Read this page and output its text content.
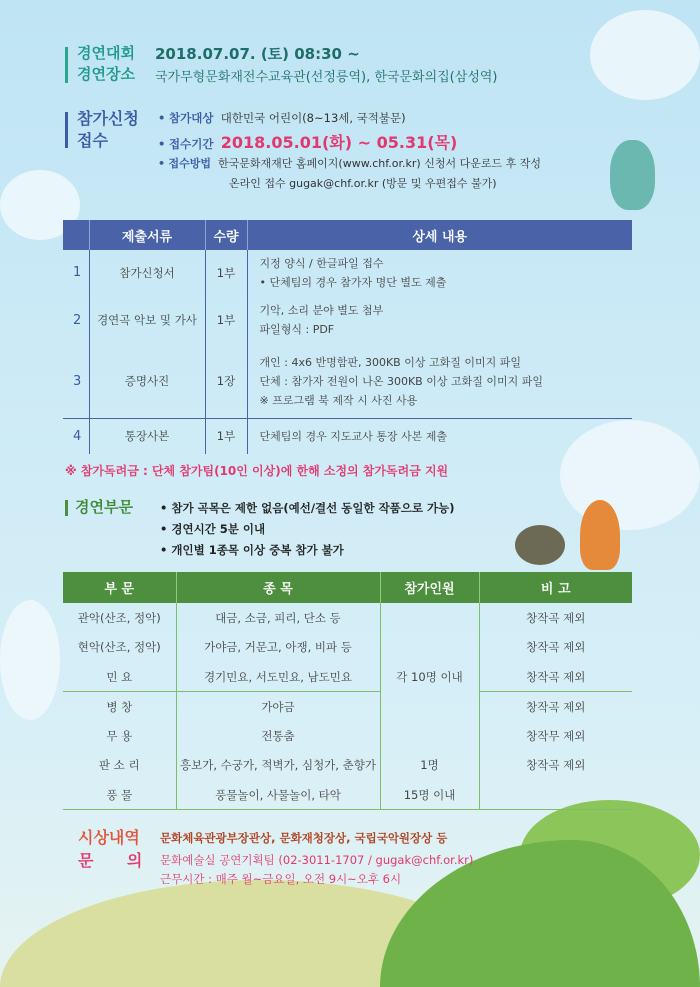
경연대회
경연장소
2018.07.07. (토) 08:30 ~
국가무형문화재전수교육관(선정릉역), 한국문화의집(삼성역)
참가신청
접수
• 참가대상 대한민국 어린이(8~13세, 국적불문)
• 접수기간 2018.05.01(화) ~ 05.31(목)
• 접수방법 한국문화재재단 홈페이지(www.chf.or.kr) 신청서 다운로드 후 작성
온라인 접수 gugak@chf.or.kr (방문 및 우편접수 불가)
	제출서류	수량	상세 내용
1	참가신청서	1부	지정 양식 / 한글파일 접수
• 단체팀의 경우 참가자 명단 별도 제출

2	경연곡 악보 및 가사	1부	기악, 소리 분야 별도 첨부
파일형식 : PDF

3	증명사진	1장	개인 : 4x6 반명함판, 300KB 이상 고화질 이미지 파일
단체 : 참가자 전원이 나온 300KB 이상 고화질 이미지 파일
※ 프로그램 북 제작 시 사진 사용

4	통장사본	1부	단체팀의 경우 지도교사 통장 사본 제출
※ 참가독려금 : 단체 참가팀(10인 이상)에 한해 소정의 참가독려금 지원
경연부문 • 참가 곡목은 제한 없음(예선/결선 동일한 작품으로 가능)
• 경연시간 5분 이내
• 개인별 1종목 이상 중복 참가 불가
부 문	종 목	참가인원	비 고
관악(산조, 정악)	대금, 소금, 피리, 단소 등	각 10명 이내	창작곡 제외
현악(산조, 정악)	가야금, 거문고, 아쟁, 비파 등		창작곡 제외
민 요	경기민요, 서도민요, 남도민요		창작곡 제외
병 창	가야금		창작곡 제외
무 용	전통춤		창작무 제외
판 소 리	흥보가, 수궁가, 적벽가, 심청가, 춘향가	1명	창작곡 제외
풍 물	풍물놀이, 사물놀이, 타악	15명 이내	
시상내역
문      의
문화체육관광부장관상, 문화재청장상, 국립국악원장상 등
문화예술실 공연기획팀 (02-3011-1707 / gugak@chf.or.kr)
근무시간 : 매주 월~금요일, 오전 9시~오후 6시
